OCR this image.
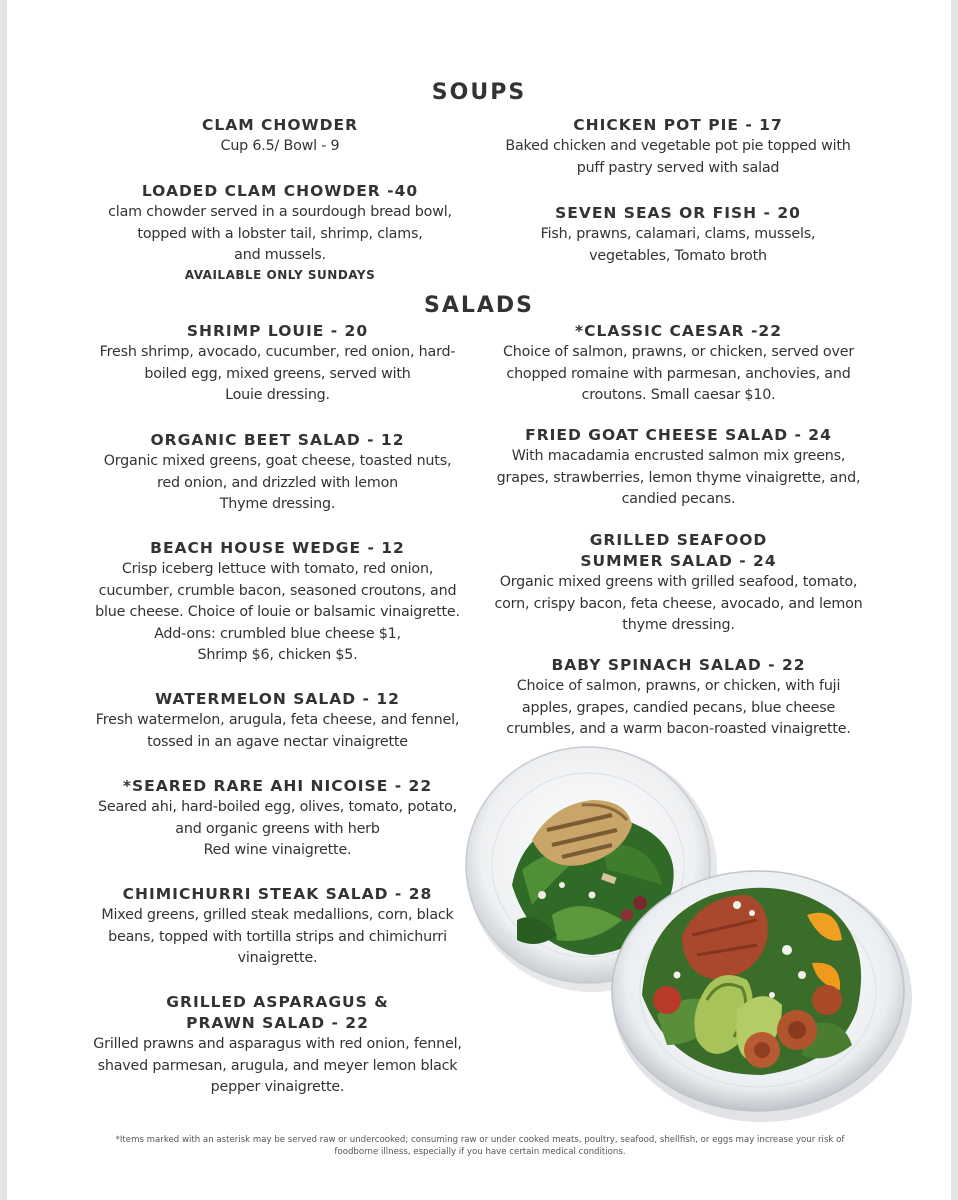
SOUPS
CLAM CHOWDER
Cup 6.5/ Bowl - 9
CHICKEN POT PIE - 17
Baked chicken and vegetable pot pie topped with
puff pastry served with salad
LOADED CLAM CHOWDER -40
clam chowder served in a sourdough bread bowl,
topped with a lobster tail, shrimp, clams,
and mussels.
AVAILABLE ONLY SUNDAYS
SEVEN SEAS OR FISH - 20
Fish, prawns, calamari, clams, mussels,
vegetables, Tomato broth
SALADS
SHRIMP LOUIE - 20
Fresh shrimp, avocado, cucumber, red onion, hard-
boiled egg, mixed greens, served with
Louie dressing.
ORGANIC BEET SALAD - 12
Organic mixed greens, goat cheese, toasted nuts,
red onion, and drizzled with lemon
Thyme dressing.
BEACH HOUSE WEDGE - 12
Crisp iceberg lettuce with tomato, red onion,
cucumber, crumble bacon, seasoned croutons, and
blue cheese. Choice of louie or balsamic vinaigrette.
Add-ons: crumbled blue cheese $1,
Shrimp $6, chicken $5.
WATERMELON SALAD - 12
Fresh watermelon, arugula, feta cheese, and fennel,
tossed in an agave nectar vinaigrette
*SEARED RARE AHI NICOISE - 22
Seared ahi, hard-boiled egg, olives, tomato, potato,
and organic greens with herb
Red wine vinaigrette.
CHIMICHURRI STEAK SALAD - 28
Mixed greens, grilled steak medallions, corn, black
beans, topped with tortilla strips and chimichurri
vinaigrette.
GRILLED ASPARAGUS &
PRAWN SALAD - 22
Grilled prawns and asparagus with red onion, fennel,
shaved parmesan, arugula, and meyer lemon black
pepper vinaigrette.
*CLASSIC CAESAR -22
Choice of salmon, prawns, or chicken, served over
chopped romaine with parmesan, anchovies, and
croutons. Small caesar $10.
FRIED GOAT CHEESE SALAD - 24
With macadamia encrusted salmon mix greens,
grapes, strawberries, lemon thyme vinaigrette, and,
candied pecans.
GRILLED SEAFOOD
SUMMER SALAD - 24
Organic mixed greens with grilled seafood, tomato,
corn, crispy bacon, feta cheese, avocado, and lemon
thyme dressing.
BABY SPINACH SALAD - 22
Choice of salmon, prawns, or chicken, with fuji
apples, grapes, candied pecans, blue cheese
crumbles, and a warm bacon-roasted vinaigrette.
*Items marked with an asterisk may be served raw or undercooked; consuming raw or under cooked meats, poultry, seafood, shellfish, or eggs may increase your risk of foodborne illness, especially if you have certain medical conditions.
